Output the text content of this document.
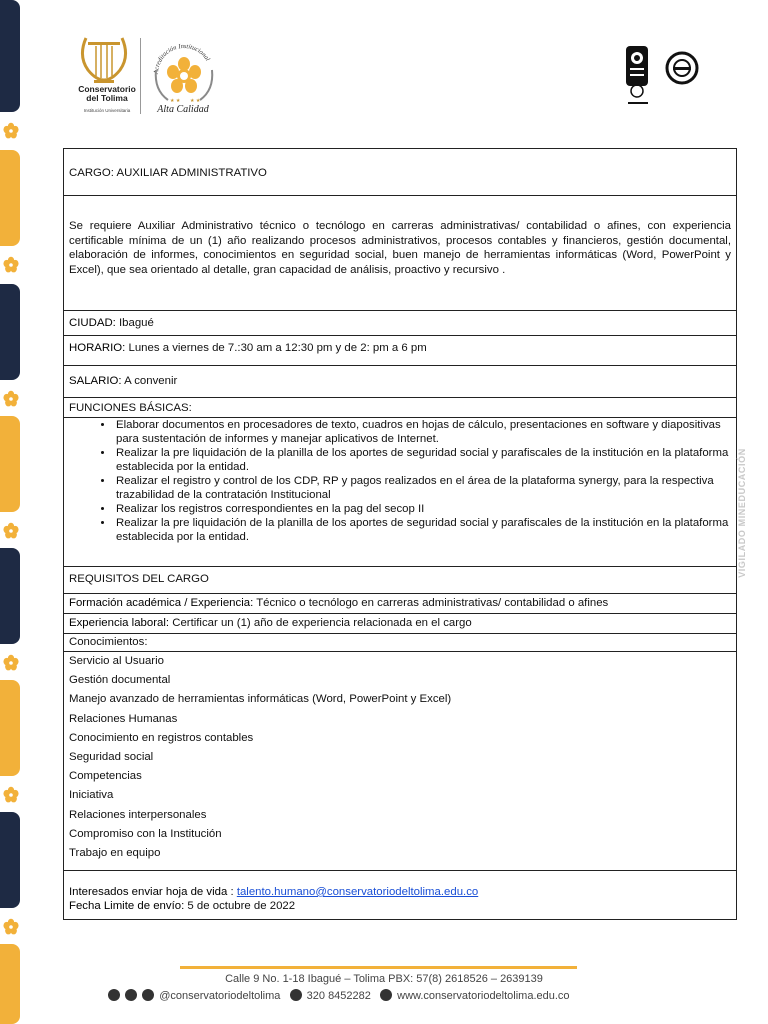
Conservatorio del Tolima
Institución Universitaria
Acreditación Institucional
★ ★ ★ ★
Alta Calidad
CARGO: AUXILIAR ADMINISTRATIVO
Se requiere Auxiliar Administrativo técnico o tecnólogo en carreras administrativas/ contabilidad o afines, con experiencia certificable mínima de un (1) año realizando procesos administrativos, procesos contables y financieros, gestión documental, elaboración de informes, conocimientos en seguridad social, buen manejo de herramientas informáticas (Word, PowerPoint y Excel), que sea orientado al detalle, gran capacidad de análisis, proactivo y recursivo .
CIUDAD: Ibagué
HORARIO: Lunes a viernes de 7.:30 am a 12:30 pm y de 2: pm a 6 pm
SALARIO: A convenir
FUNCIONES BÁSICAS:
• Elaborar documentos en procesadores de texto, cuadros en hojas de cálculo, presentaciones en software y diapositivas para sustentación de informes y manejar aplicativos de Internet.
• Realizar la pre liquidación de la planilla de los aportes de seguridad social y parafiscales de la institución en la plataforma establecida por la entidad.
• Realizar el registro y control de los CDP, RP y pagos realizados en el área de la plataforma synergy, para la respectiva trazabilidad de la contratación Institucional
• Realizar los registros correspondientes en la pag del secop II
• Realizar la pre liquidación de la planilla de los aportes de seguridad social y parafiscales de la institución en la plataforma establecida por la entidad.
REQUISITOS DEL CARGO
Formación académica / Experiencia: Técnico o tecnólogo en carreras administrativas/ contabilidad o afines
Experiencia laboral: Certificar un (1) año de experiencia relacionada en el cargo
Conocimientos:
Servicio al Usuario
Gestión documental
Manejo avanzado de herramientas informáticas (Word, PowerPoint y Excel)
Relaciones Humanas
Conocimiento en registros contables
Seguridad social
Competencias
Iniciativa
Relaciones interpersonales
Compromiso con la Institución
Trabajo en equipo
Interesados enviar hoja de vida : talento.humano@conservatoriodeltolima.edu.co
Fecha Limite de envío: 5 de octubre de 2022
VIGILADO MINEDUCACIÓN
Calle 9 No. 1-18 Ibagué – Tolima PBX: 57(8) 2618526 – 2639139
@conservatoriodeltolima 320 8452282 www.conservatoriodeltolima.edu.co
